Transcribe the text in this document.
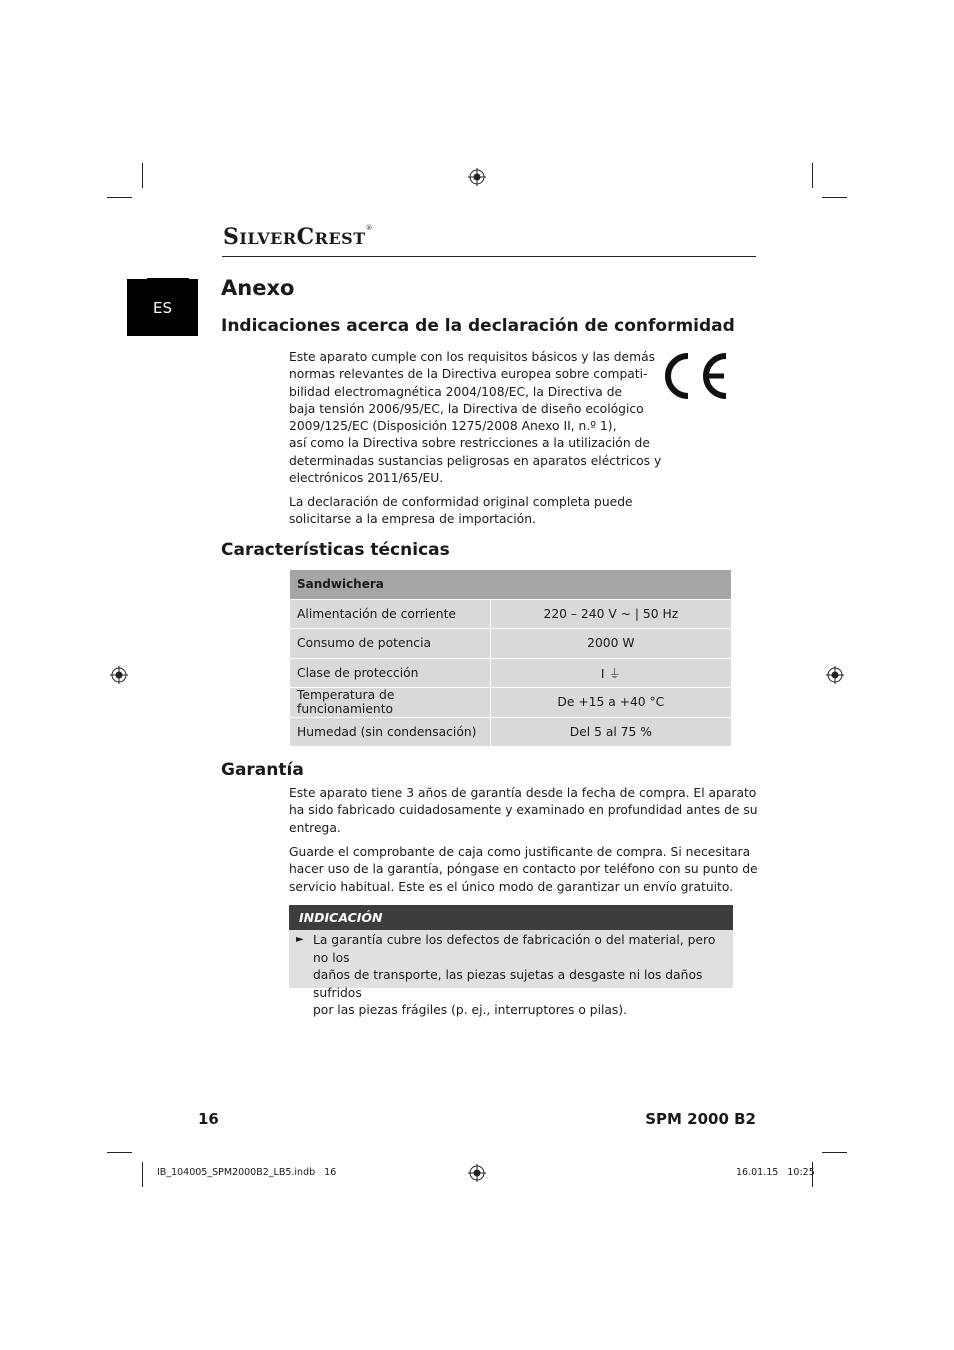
SILVERCREST®
ES
Anexo
Indicaciones acerca de la declaración de conformidad
Este aparato cumple con los requisitos básicos y las demás
normas relevantes de la Directiva europea sobre compati-
bilidad electromagnética 2004/108/EC, la Directiva de
baja tensión 2006/95/EC, la Directiva de diseño ecológico
2009/125/EC (Disposición 1275/2008 Anexo II, n.º 1),
así como la Directiva sobre restricciones a la utilización de
determinadas sustancias peligrosas en aparatos eléctricos y
electrónicos 2011/65/EU.
La declaración de conformidad original completa puede
solicitarse a la empresa de importación.
Características técnicas
Sandwichera	
Alimentación de corriente	220 – 240 V ~ | 50 Hz
Consumo de potencia	2000 W
Clase de protección	I ⏚
Temperatura de funcionamiento	De +15 a +40 °C
Humedad (sin condensación)	Del 5 al 75 %
Garantía
Este aparato tiene 3 años de garantía desde la fecha de compra. El aparato
ha sido fabricado cuidadosamente y examinado en profundidad antes de su
entrega.
Guarde el comprobante de caja como justificante de compra. Si necesitara
hacer uso de la garantía, póngase en contacto por teléfono con su punto de
servicio habitual. Este es el único modo de garantizar un envío gratuito.
INDICACIÓN
► La garantía cubre los defectos de fabricación o del material, pero no los
daños de transporte, las piezas sujetas a desgaste ni los daños sufridos
por las piezas frágiles (p. ej., interruptores o pilas).
16	SPM 2000 B2
IB_104005_SPM2000B2_LB5.indb   16	16.01.15   10:25
